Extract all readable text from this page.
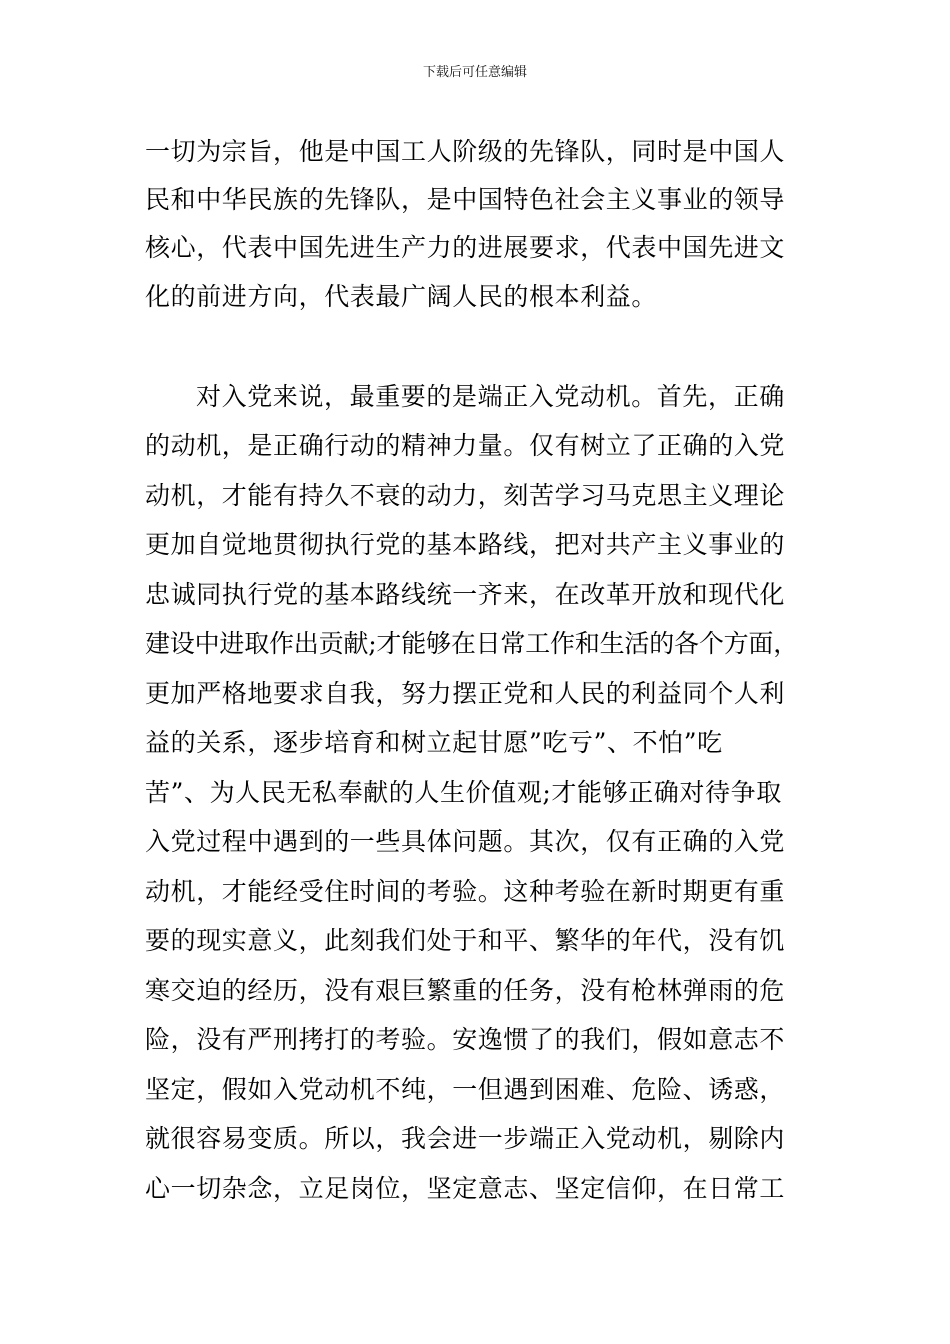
下载后可任意编辑
一切为宗旨，他是中国工人阶级的先锋队，同时是中国人
民和中华民族的先锋队，是中国特色社会主义事业的领导
核心，代表中国先进生产力的进展要求，代表中国先进文
化的前进方向，代表最广阔人民的根本利益。
对入党来说，最重要的是端正入党动机。首先，正确
的动机，是正确行动的精神力量。仅有树立了正确的入党
动机，才能有持久不衰的动力，刻苦学习马克思主义理论
更加自觉地贯彻执行党的基本路线，把对共产主义事业的
忠诚同执行党的基本路线统一齐来，在改革开放和现代化
建设中进取作出贡献;才能够在日常工作和生活的各个方面，
更加严格地要求自我，努力摆正党和人民的利益同个人利
益的关系，逐步培育和树立起甘愿”吃亏”、不怕”吃
苦”、为人民无私奉献的人生价值观;才能够正确对待争取
入党过程中遇到的一些具体问题。其次，仅有正确的入党
动机，才能经受住时间的考验。这种考验在新时期更有重
要的现实意义，此刻我们处于和平、繁华的年代，没有饥
寒交迫的经历，没有艰巨繁重的任务，没有枪林弹雨的危
险，没有严刑拷打的考验。安逸惯了的我们，假如意志不
坚定，假如入党动机不纯，一但遇到困难、危险、诱惑，
就很容易变质。所以，我会进一步端正入党动机，剔除内
心一切杂念，立足岗位，坚定意志、坚定信仰，在日常工
